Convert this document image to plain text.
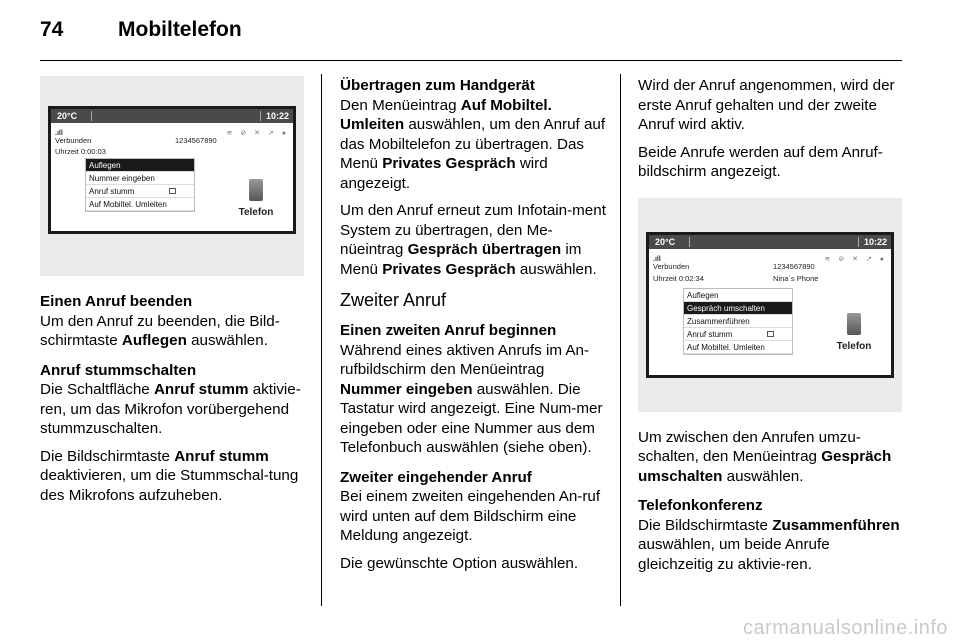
74	Mobiltelefon
20°C	10:22
.ıll	≋ ⊘ ✕ ↗ ●
Verbunden	1234567890
Uhrzeit 0:00:03
Auflegen
Nummer eingeben
Anruf stumm
Auf Mobiltel. Umleiten
Telefon
Einen Anruf beenden

Um den Anruf zu beenden, die Bild-schirmtaste Auflegen auswählen.

Anruf stummschalten

Die Schaltfläche Anruf stumm aktivie-ren, um das Mikrofon vorübergehend stummzuschalten.

Die Bildschirmtaste Anruf stumm deaktivieren, um die Stummschal-tung des Mikrofons aufzuheben.

Übertragen zum Handgerät

Den Menüeintrag Auf Mobiltel. Umleiten auswählen, um den Anruf auf das Mobiltelefon zu übertragen. Das Menü Privates Gespräch wird angezeigt.

Um den Anruf erneut zum Infotain-ment System zu übertragen, den Me-nüeintrag Gespräch übertragen im Menü Privates Gespräch auswählen.

Zweiter Anruf
Einen zweiten Anruf beginnen

Während eines aktiven Anrufs im An-rufbildschirm den Menüeintrag Nummer eingeben auswählen. Die Tastatur wird angezeigt. Eine Num-mer eingeben oder eine Nummer aus dem Telefonbuch auswählen (siehe oben).

Zweiter eingehender Anruf

Bei einem zweiten eingehenden An-ruf wird unten auf dem Bildschirm eine Meldung angezeigt.

Die gewünschte Option auswählen.

Wird der Anruf angenommen, wird der erste Anruf gehalten und der zweite Anruf wird aktiv.

Beide Anrufe werden auf dem Anruf-bildschirm angezeigt.

20°C	10:22
.ıll	≋ ⊘ ✕ ↗ ●
Verbunden	1234567890
Uhrzeit 0:02:34	Nina´s Phone
Auflegen
Gespräch umschalten
Zusammenführen
Anruf stumm
Auf Mobiltel. Umleiten	Telefon

Um zwischen den Anrufen umzu-schalten, den Menüeintrag Gespräch umschalten auswählen.

Telefonkonferenz

Die Bildschirmtaste Zusammenführen auswählen, um beide Anrufe gleichzeitig zu aktivie-ren.

carmanualsonline.info
